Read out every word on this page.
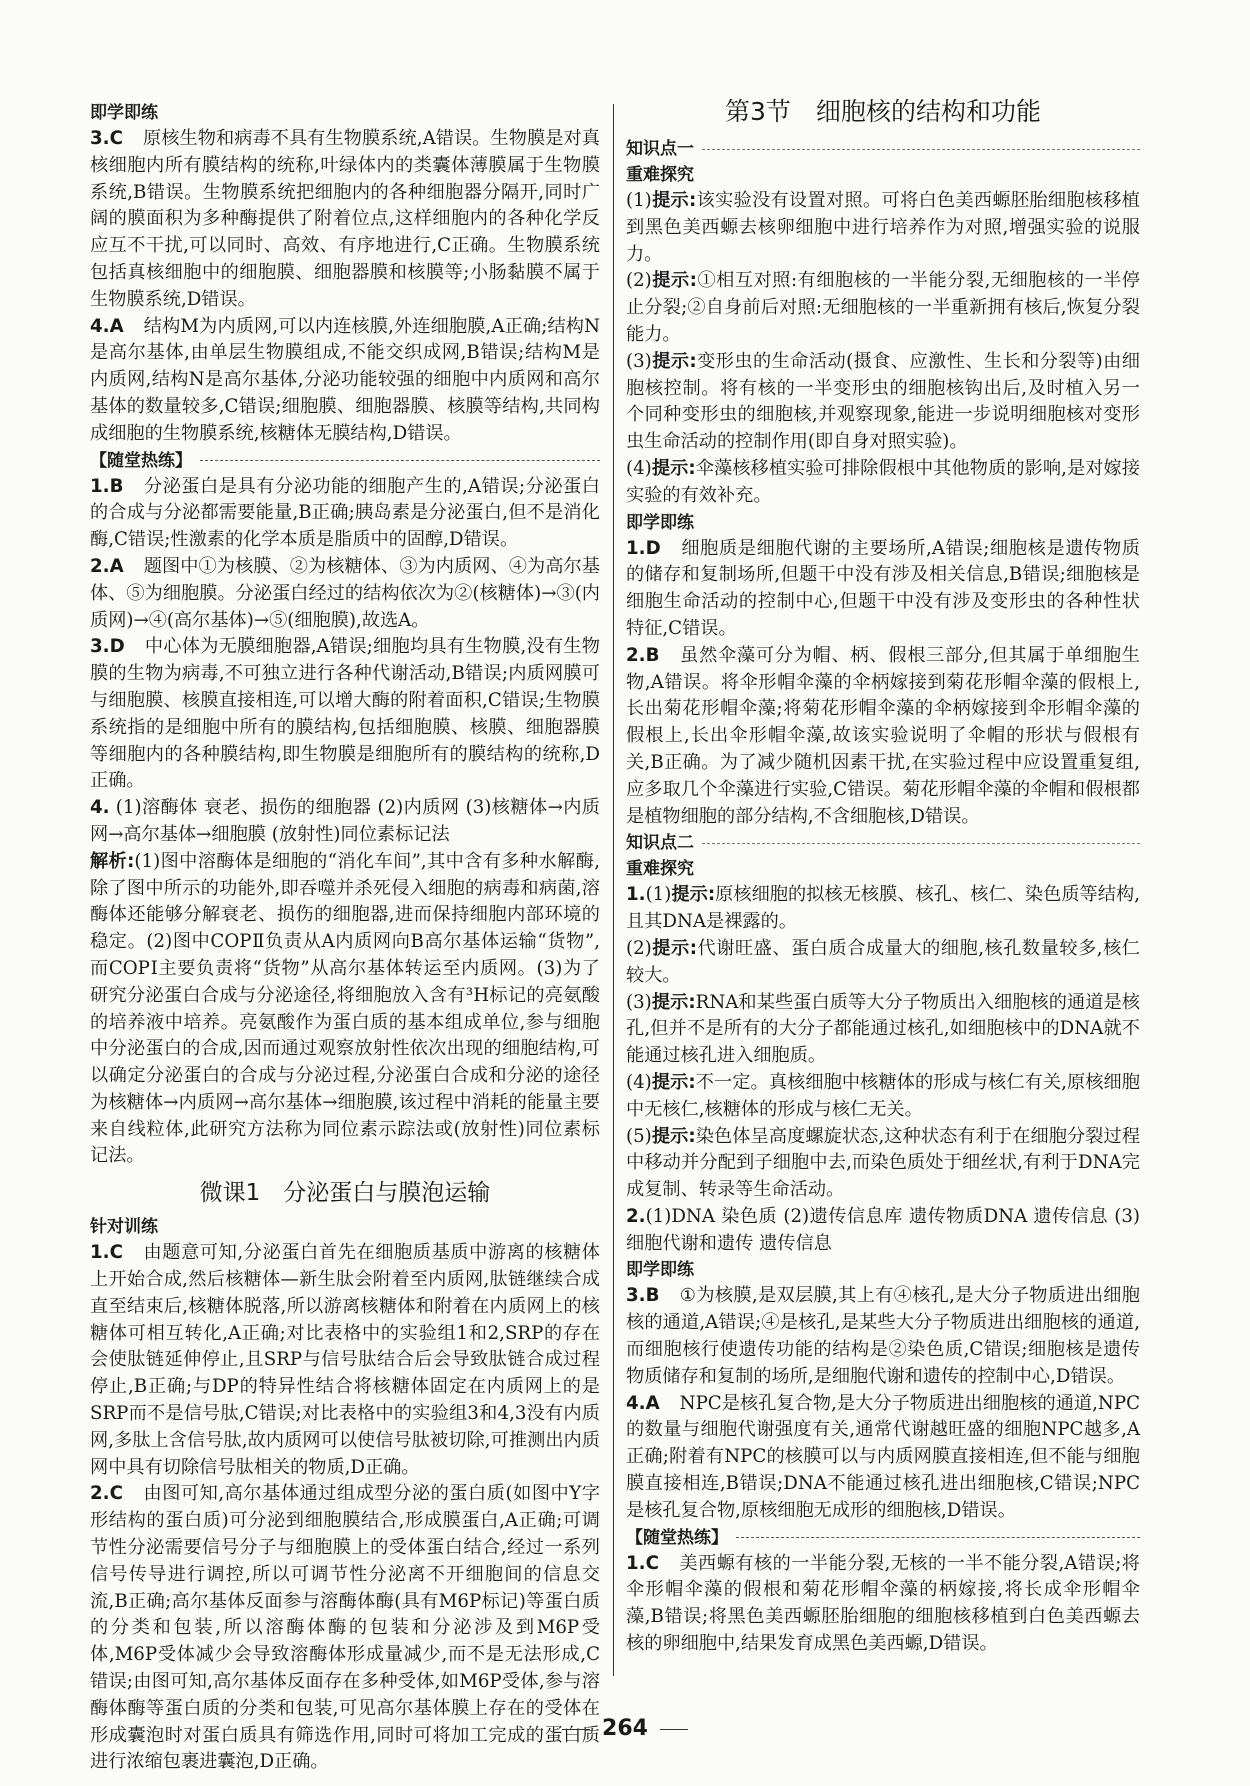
即学即练

3.C 原核生物和病毒不具有生物膜系统,A错误。生物膜是对真核细胞内所有膜结构的统称,叶绿体内的类囊体薄膜属于生物膜系统,B错误。生物膜系统把细胞内的各种细胞器分隔开,同时广阔的膜面积为多种酶提供了附着位点,这样细胞内的各种化学反应互不干扰,可以同时、高效、有序地进行,C正确。生物膜系统包括真核细胞中的细胞膜、细胞器膜和核膜等;小肠黏膜不属于生物膜系统,D错误。

4.A 结构M为内质网,可以内连核膜,外连细胞膜,A正确;结构N是高尔基体,由单层生物膜组成,不能交织成网,B错误;结构M是内质网,结构N是高尔基体,分泌功能较强的细胞中内质网和高尔基体的数量较多,C错误;细胞膜、细胞器膜、核膜等结构,共同构成细胞的生物膜系统,核糖体无膜结构,D错误。

【随堂热练】

1.B 分泌蛋白是具有分泌功能的细胞产生的,A错误;分泌蛋白的合成与分泌都需要能量,B正确;胰岛素是分泌蛋白,但不是消化酶,C错误;性激素的化学本质是脂质中的固醇,D错误。

2.A 题图中①为核膜、②为核糖体、③为内质网、④为高尔基体、⑤为细胞膜。分泌蛋白经过的结构依次为②(核糖体)→③(内质网)→④(高尔基体)→⑤(细胞膜),故选A。

3.D 中心体为无膜细胞器,A错误;细胞均具有生物膜,没有生物膜的生物为病毒,不可独立进行各种代谢活动,B错误;内质网膜可与细胞膜、核膜直接相连,可以增大酶的附着面积,C错误;生物膜系统指的是细胞中所有的膜结构,包括细胞膜、核膜、细胞器膜等细胞内的各种膜结构,即生物膜是细胞所有的膜结构的统称,D正确。

4. (1)溶酶体 衰老、损伤的细胞器 (2)内质网 (3)核糖体→内质网→高尔基体→细胞膜 (放射性)同位素标记法

解析:(1)图中溶酶体是细胞的“消化车间”,其中含有多种水解酶,除了图中所示的功能外,即吞噬并杀死侵入细胞的病毒和病菌,溶酶体还能够分解衰老、损伤的细胞器,进而保持细胞内部环境的稳定。(2)图中COPⅡ负责从A内质网向B高尔基体运输“货物”,而COPⅠ主要负责将“货物”从高尔基体转运至内质网。(3)为了研究分泌蛋白合成与分泌途径,将细胞放入含有³H标记的亮氨酸的培养液中培养。亮氨酸作为蛋白质的基本组成单位,参与细胞中分泌蛋白的合成,因而通过观察放射性依次出现的细胞结构,可以确定分泌蛋白的合成与分泌过程,分泌蛋白合成和分泌的途径为核糖体→内质网→高尔基体→细胞膜,该过程中消耗的能量主要来自线粒体,此研究方法称为同位素示踪法或(放射性)同位素标记法。

微课1　分泌蛋白与膜泡运输

针对训练

1.C 由题意可知,分泌蛋白首先在细胞质基质中游离的核糖体上开始合成,然后核糖体—新生肽会附着至内质网,肽链继续合成直至结束后,核糖体脱落,所以游离核糖体和附着在内质网上的核糖体可相互转化,A正确;对比表格中的实验组1和2,SRP的存在会使肽链延伸停止,且SRP与信号肽结合后会导致肽链合成过程停止,B正确;与DP的特异性结合将核糖体固定在内质网上的是SRP而不是信号肽,C错误;对比表格中的实验组3和4,3没有内质网,多肽上含信号肽,故内质网可以使信号肽被切除,可推测出内质网中具有切除信号肽相关的物质,D正确。

2.C 由图可知,高尔基体通过组成型分泌的蛋白质(如图中Y字形结构的蛋白质)可分泌到细胞膜结合,形成膜蛋白,A正确;可调节性分泌需要信号分子与细胞膜上的受体蛋白结合,经过一系列信号传导进行调控,所以可调节性分泌离不开细胞间的信息交流,B正确;高尔基体反面参与溶酶体酶(具有M6P标记)等蛋白质的分类和包装,所以溶酶体酶的包装和分泌涉及到M6P受体,M6P受体减少会导致溶酶体形成量减少,而不是无法形成,C错误;由图可知,高尔基体反面存在多种受体,如M6P受体,参与溶酶体酶等蛋白质的分类和包装,可见高尔基体膜上存在的受体在形成囊泡时对蛋白质具有筛选作用,同时可将加工完成的蛋白质进行浓缩包裹进囊泡,D正确。

第3节　细胞核的结构和功能

知识点一

重难探究

(1)提示:该实验没有设置对照。可将白色美西螈胚胎细胞核移植到黑色美西螈去核卵细胞中进行培养作为对照,增强实验的说服力。

(2)提示:①相互对照:有细胞核的一半能分裂,无细胞核的一半停止分裂;②自身前后对照:无细胞核的一半重新拥有核后,恢复分裂能力。

(3)提示:变形虫的生命活动(摄食、应激性、生长和分裂等)由细胞核控制。将有核的一半变形虫的细胞核钩出后,及时植入另一个同种变形虫的细胞核,并观察现象,能进一步说明细胞核对变形虫生命活动的控制作用(即自身对照实验)。

(4)提示:伞藻核移植实验可排除假根中其他物质的影响,是对嫁接实验的有效补充。

即学即练

1.D 细胞质是细胞代谢的主要场所,A错误;细胞核是遗传物质的储存和复制场所,但题干中没有涉及相关信息,B错误;细胞核是细胞生命活动的控制中心,但题干中没有涉及变形虫的各种性状特征,C错误。

2.B 虽然伞藻可分为帽、柄、假根三部分,但其属于单细胞生物,A错误。将伞形帽伞藻的伞柄嫁接到菊花形帽伞藻的假根上,长出菊花形帽伞藻;将菊花形帽伞藻的伞柄嫁接到伞形帽伞藻的假根上,长出伞形帽伞藻,故该实验说明了伞帽的形状与假根有关,B正确。为了减少随机因素干扰,在实验过程中应设置重复组,应多取几个伞藻进行实验,C错误。菊花形帽伞藻的伞帽和假根都是植物细胞的部分结构,不含细胞核,D错误。

知识点二

重难探究

1.(1)提示:原核细胞的拟核无核膜、核孔、核仁、染色质等结构,且其DNA是裸露的。

(2)提示:代谢旺盛、蛋白质合成量大的细胞,核孔数量较多,核仁较大。

(3)提示:RNA和某些蛋白质等大分子物质出入细胞核的通道是核孔,但并不是所有的大分子都能通过核孔,如细胞核中的DNA就不能通过核孔进入细胞质。

(4)提示:不一定。真核细胞中核糖体的形成与核仁有关,原核细胞中无核仁,核糖体的形成与核仁无关。

(5)提示:染色体呈高度螺旋状态,这种状态有利于在细胞分裂过程中移动并分配到子细胞中去,而染色质处于细丝状,有利于DNA完成复制、转录等生命活动。

2.(1)DNA 染色质 (2)遗传信息库 遗传物质DNA 遗传信息 (3)细胞代谢和遗传 遗传信息

即学即练

3.B ①为核膜,是双层膜,其上有④核孔,是大分子物质进出细胞核的通道,A错误;④是核孔,是某些大分子物质进出细胞核的通道,而细胞核行使遗传功能的结构是②染色质,C错误;细胞核是遗传物质储存和复制的场所,是细胞代谢和遗传的控制中心,D错误。

4.A NPC是核孔复合物,是大分子物质进出细胞核的通道,NPC的数量与细胞代谢强度有关,通常代谢越旺盛的细胞NPC越多,A正确;附着有NPC的核膜可以与内质网膜直接相连,但不能与细胞膜直接相连,B错误;DNA不能通过核孔进出细胞核,C错误;NPC是核孔复合物,原核细胞无成形的细胞核,D错误。

【随堂热练】

1.C 美西螈有核的一半能分裂,无核的一半不能分裂,A错误;将伞形帽伞藻的假根和菊花形帽伞藻的柄嫁接,将长成伞形帽伞藻,B错误;将黑色美西螈胚胎细胞的细胞核移植到白色美西螈去核的卵细胞中,结果发育成黑色美西螈,D错误。

264
